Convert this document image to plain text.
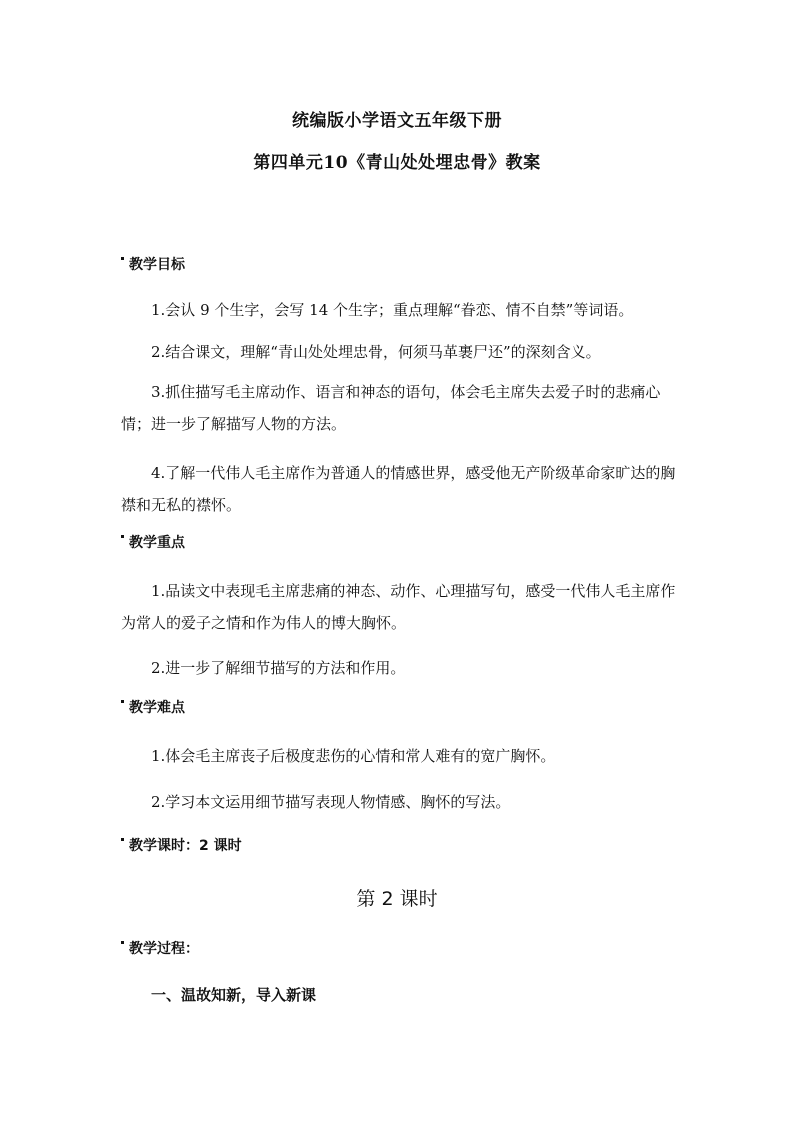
统编版小学语文五年级下册
第四单元10《青山处处埋忠骨》教案
教学目标
1.会认 9 个生字，会写 14 个生字；重点理解“眷恋、情不自禁”等词语。
2.结合课文，理解“青山处处埋忠骨，何须马革裹尸还”的深刻含义。
3.抓住描写毛主席动作、语言和神态的语句，体会毛主席失去爱子时的悲痛心情；进一步了解描写人物的方法。
4.了解一代伟人毛主席作为普通人的情感世界，感受他无产阶级革命家旷达的胸襟和无私的襟怀。
教学重点
1.品读文中表现毛主席悲痛的神态、动作、心理描写句，感受一代伟人毛主席作为常人的爱子之情和作为伟人的博大胸怀。
2.进一步了解细节描写的方法和作用。
教学难点
1.体会毛主席丧子后极度悲伤的心情和常人难有的宽广胸怀。
2.学习本文运用细节描写表现人物情感、胸怀的写法。
教学课时：2 课时
第 2 课时
教学过程：
一、温故知新，导入新课
